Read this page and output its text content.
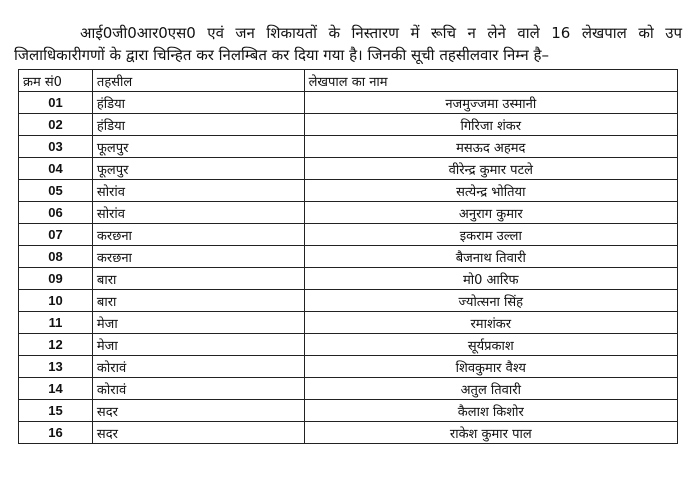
आई0जी0आर0एस0 एवं जन शिकायतों के निस्तारण में रूचि न लेने वाले 16 लेखपाल को उप
जिलाधिकारीगणों के द्वारा चिन्हित कर निलम्बित कर दिया गया है। जिनकी सूची तहसीलवार निम्न है–

क्रम सं0	तहसील	लेखपाल का नाम
01	हंडिया	नजमुज्जमा उस्मानी
02	हंडिया	गिरिजा शंकर
03	फूलपुर	मसऊद अहमद
04	फूलपुर	वीरेन्द्र कुमार पटले
05	सोरांव	सत्येन्द्र भोतिया
06	सोरांव	अनुराग कुमार
07	करछना	इकराम उल्ला
08	करछना	बैजनाथ तिवारी
09	बारा	मो0 आरिफ
10	बारा	ज्योत्सना सिंह
11	मेजा	रमाशंकर
12	मेजा	सूर्यप्रकाश
13	कोरावं	शिवकुमार वैश्य
14	कोरावं	अतुल तिवारी
15	सदर	कैलाश किशोर
16	सदर	राकेश कुमार पाल
